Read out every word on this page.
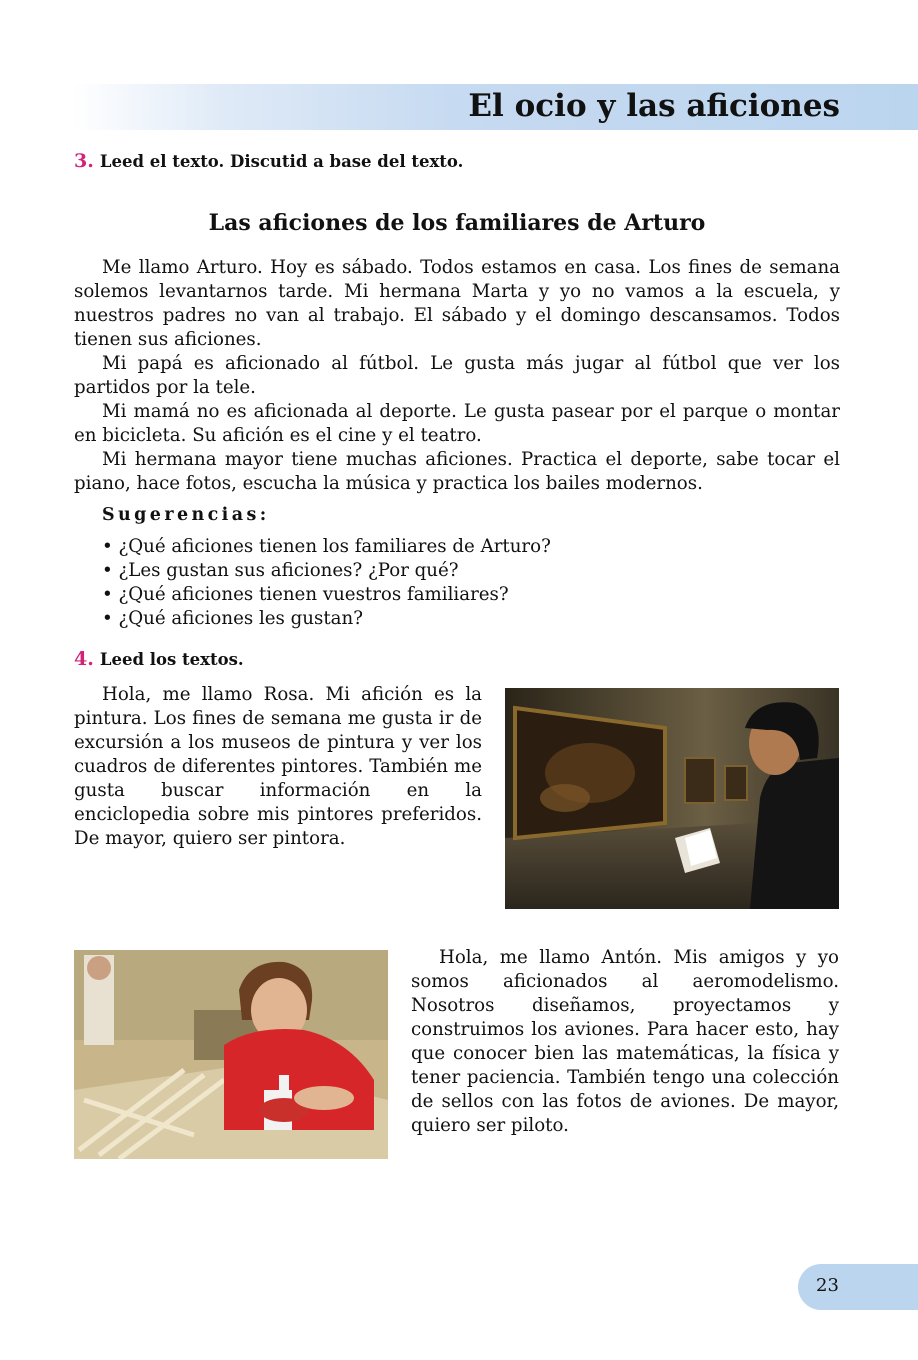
El ocio y las aficiones
3. Leed el texto. Discutid a base del texto.
Las aficiones de los familiares de Arturo

Me llamo Arturo. Hoy es sábado. Todos estamos en casa. Los fines de semana solemos levantarnos tarde. Mi hermana Marta y yo no vamos a la escuela, y nuestros padres no van al trabajo. El sábado y el domingo descansamos. Todos tienen sus aficiones.

Mi papá es aficionado al fútbol. Le gusta más jugar al fútbol que ver los partidos por la tele.

Mi mamá no es aficionada al deporte. Le gusta pasear por el parque o montar en bicicleta. Su afición es el cine y el teatro.

Mi hermana mayor tiene muchas aficiones. Practica el deporte, sabe tocar el piano, hace fotos, escucha la música y practica los bailes modernos.

Sugerencias:
• ¿Qué aficiones tienen los familiares de Arturo?
• ¿Les gustan sus aficiones? ¿Por qué?
• ¿Qué aficiones tienen vuestros familiares?
• ¿Qué aficiones les gustan?
4. Leed los textos.

Hola, me llamo Rosa. Mi afición es la pintura. Los fines de semana me gusta ir de excursión a los museos de pintura y ver los cuadros de diferentes pintores. También me gusta buscar información en la enciclopedia sobre mis pintores preferidos. De mayor, quiero ser pintora.

Hola, me llamo Antón. Mis amigos y yo somos aficionados al aeromodelismo. Nosotros diseñamos, proyectamos y construimos los aviones. Para hacer esto, hay que conocer bien las matemáticas, la física y tener paciencia. También tengo una colección de sellos con las fotos de aviones. De mayor, quiero ser piloto.

23
